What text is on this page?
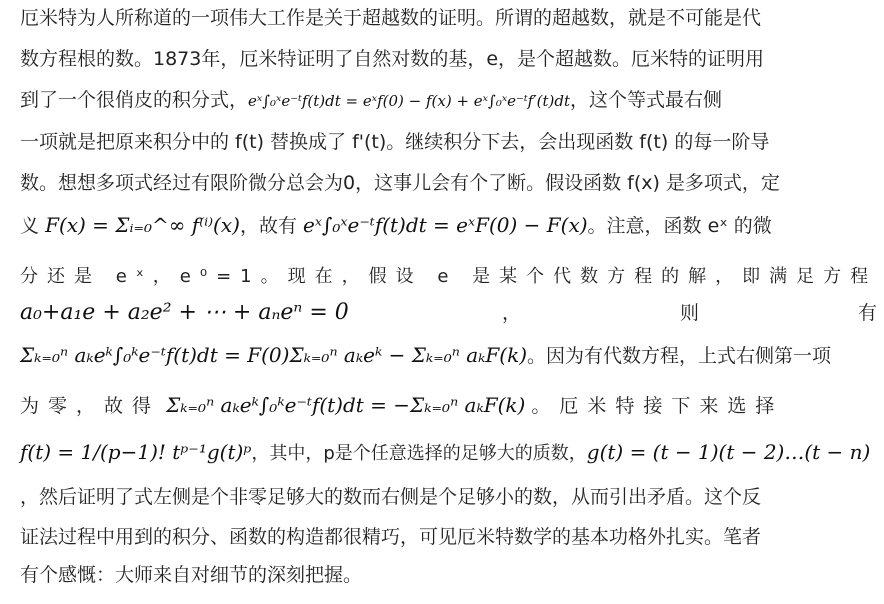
厄米特为人所称道的一项伟大工作是关于超越数的证明。所谓的超越数，就是不可能是代
数方程根的数。1873年，厄米特证明了自然对数的基，e，是个超越数。厄米特的证明用
到了一个很俏皮的积分式，eˣ∫₀ˣe⁻ᵗf(t)dt = eˣf(0) − f(x) + eˣ∫₀ˣe⁻ᵗf′(t)dt，这个等式最右侧
一项就是把原来积分中的 f(t) 替换成了 f'(t)。继续积分下去，会出现函数 f(t) 的每一阶导
数。想想多项式经过有限阶微分总会为0，这事儿会有个了断。假设函数 f(x) 是多项式，定
义 F(x) = Σᵢ₌₀^∞ f⁽ⁱ⁾(x)，故有 eˣ∫₀ˣe⁻ᵗf(t)dt = eˣF(0) − F(x)。注意，函数 eˣ 的微
分还是 eˣ，e⁰=1。现在，假设 e 是某个代数方程的解，即满足方程
a₀+a₁e + a₂e² + ⋯ + aₙeⁿ = 0	，	则	有
Σₖ₌₀ⁿ aₖeᵏ∫₀ᵏe⁻ᵗf(t)dt = F(0)Σₖ₌₀ⁿ aₖeᵏ − Σₖ₌₀ⁿ aₖF(k)。因为有代数方程，上式右侧第一项
为零，故得 Σₖ₌₀ⁿ aₖeᵏ∫₀ᵏe⁻ᵗf(t)dt = −Σₖ₌₀ⁿ aₖF(k) 。厄米特接下来选择
f(t) = 1/(p−1)! tᵖ⁻¹g(t)ᵖ，其中，p是个任意选择的足够大的质数，g(t) = (t − 1)(t − 2)…(t − n)
，然后证明了式左侧是个非零足够大的数而右侧是个足够小的数，从而引出矛盾。这个反
证法过程中用到的积分、函数的构造都很精巧，可见厄米特数学的基本功格外扎实。笔者
有个感慨：大师来自对细节的深刻把握。
